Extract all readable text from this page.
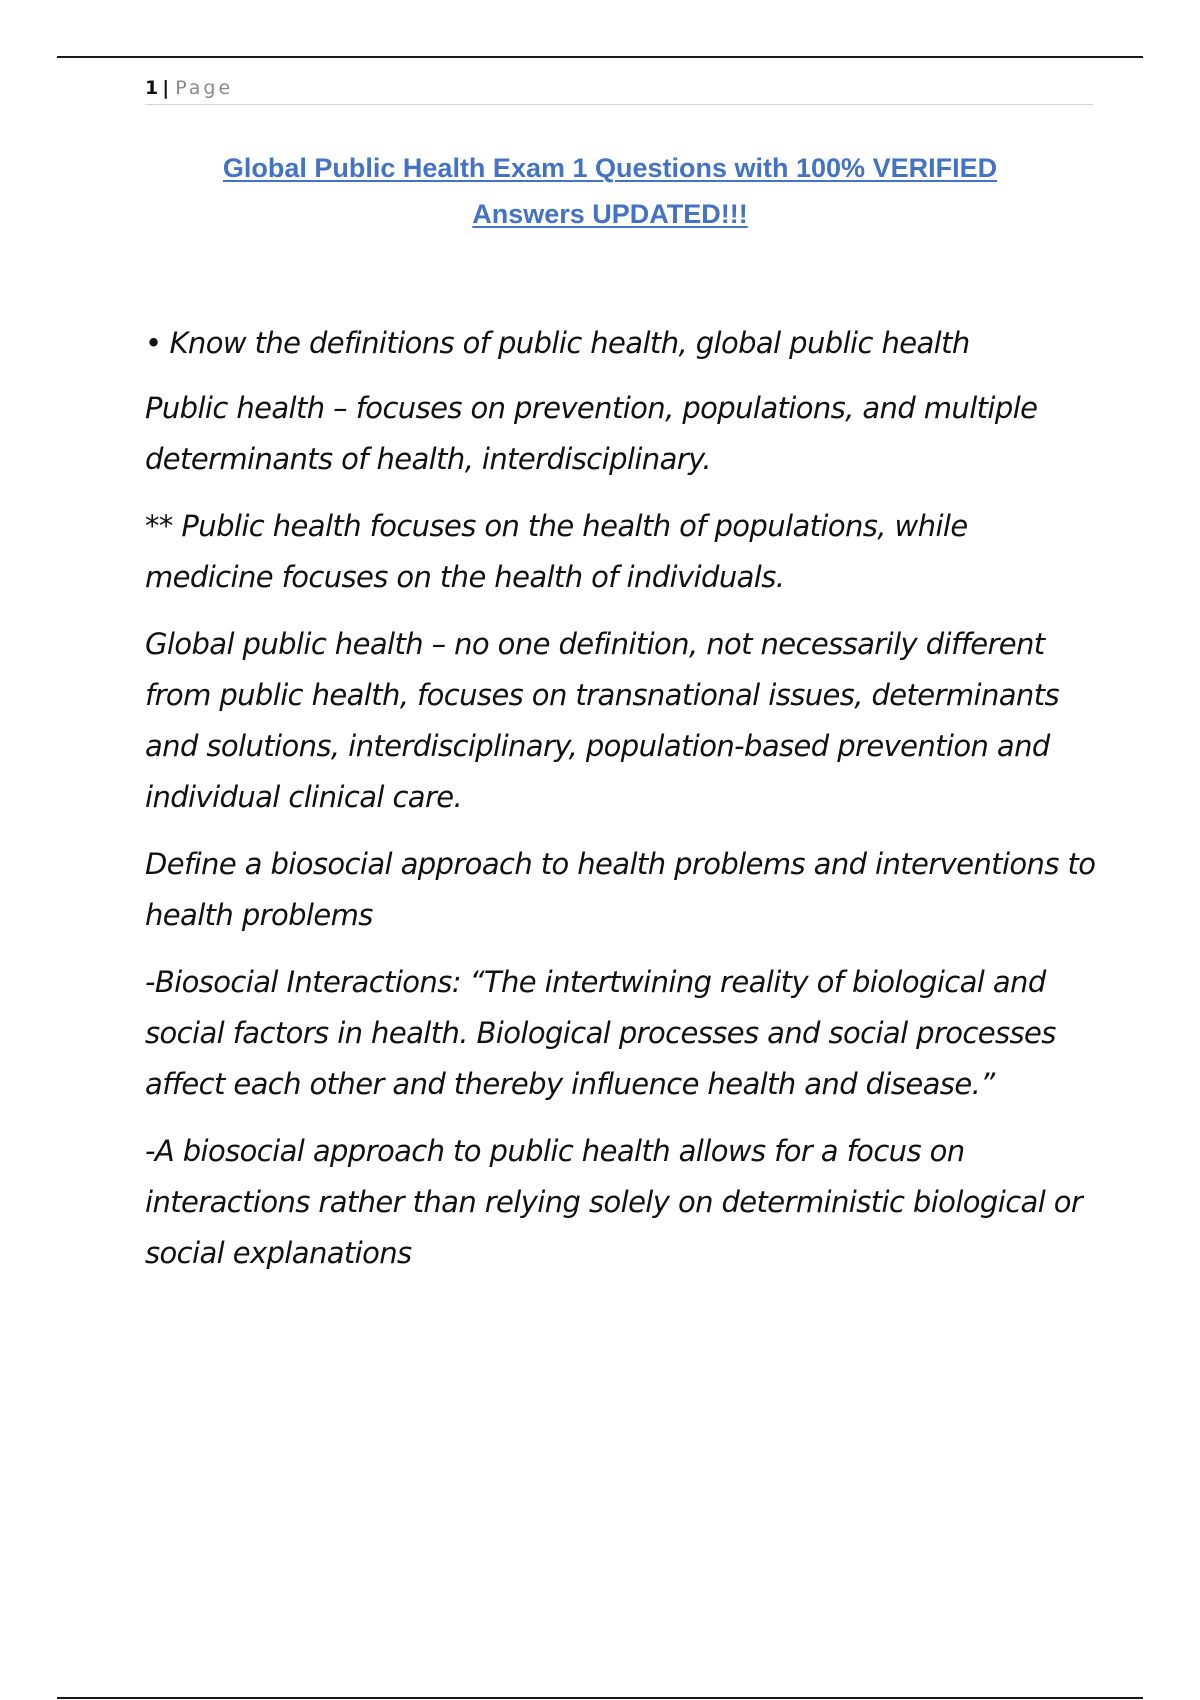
1 | Page
Global Public Health Exam 1 Questions with 100% VERIFIED
Answers UPDATED!!!

• Know the definitions of public health, global public health

Public health – focuses on prevention, populations, and multiple determinants of health, interdisciplinary.

** Public health focuses on the health of populations, while medicine focuses on the health of individuals.

Global public health – no one definition, not necessarily different from public health, focuses on transnational issues, determinants and solutions, interdisciplinary, population-based prevention and individual clinical care.

Define a biosocial approach to health problems and interventions to health problems

-Biosocial Interactions: “The intertwining reality of biological and social factors in health. Biological processes and social processes affect each other and thereby influence health and disease.”

-A biosocial approach to public health allows for a focus on interactions rather than relying solely on deterministic biological or social explanations
